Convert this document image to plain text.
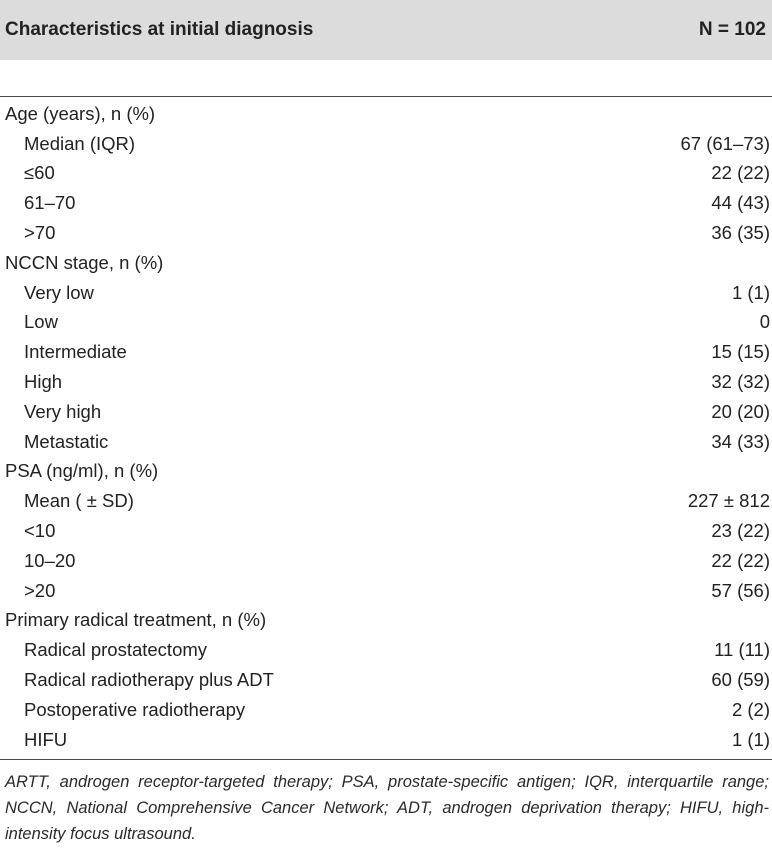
Characteristics at initial diagnosis	N = 102
Age (years), n (%)
Median (IQR)	67 (61–73)
≤60	22 (22)
61–70	44 (43)
>70	36 (35)
NCCN stage, n (%)
Very low	1 (1)
Low	0
Intermediate	15 (15)
High	32 (32)
Very high	20 (20)
Metastatic	34 (33)
PSA (ng/ml), n (%)
Mean ( ± SD)	227 ± 812
<10	23 (22)
10–20	22 (22)
>20	57 (56)
Primary radical treatment, n (%)
Radical prostatectomy	11 (11)
Radical radiotherapy plus ADT	60 (59)
Postoperative radiotherapy	2 (2)
HIFU	1 (1)
ARTT, androgen receptor-targeted therapy; PSA, prostate-specific antigen; IQR, interquartile range; NCCN, National Comprehensive Cancer Network; ADT, androgen deprivation therapy; HIFU, high-intensity focus ultrasound.
